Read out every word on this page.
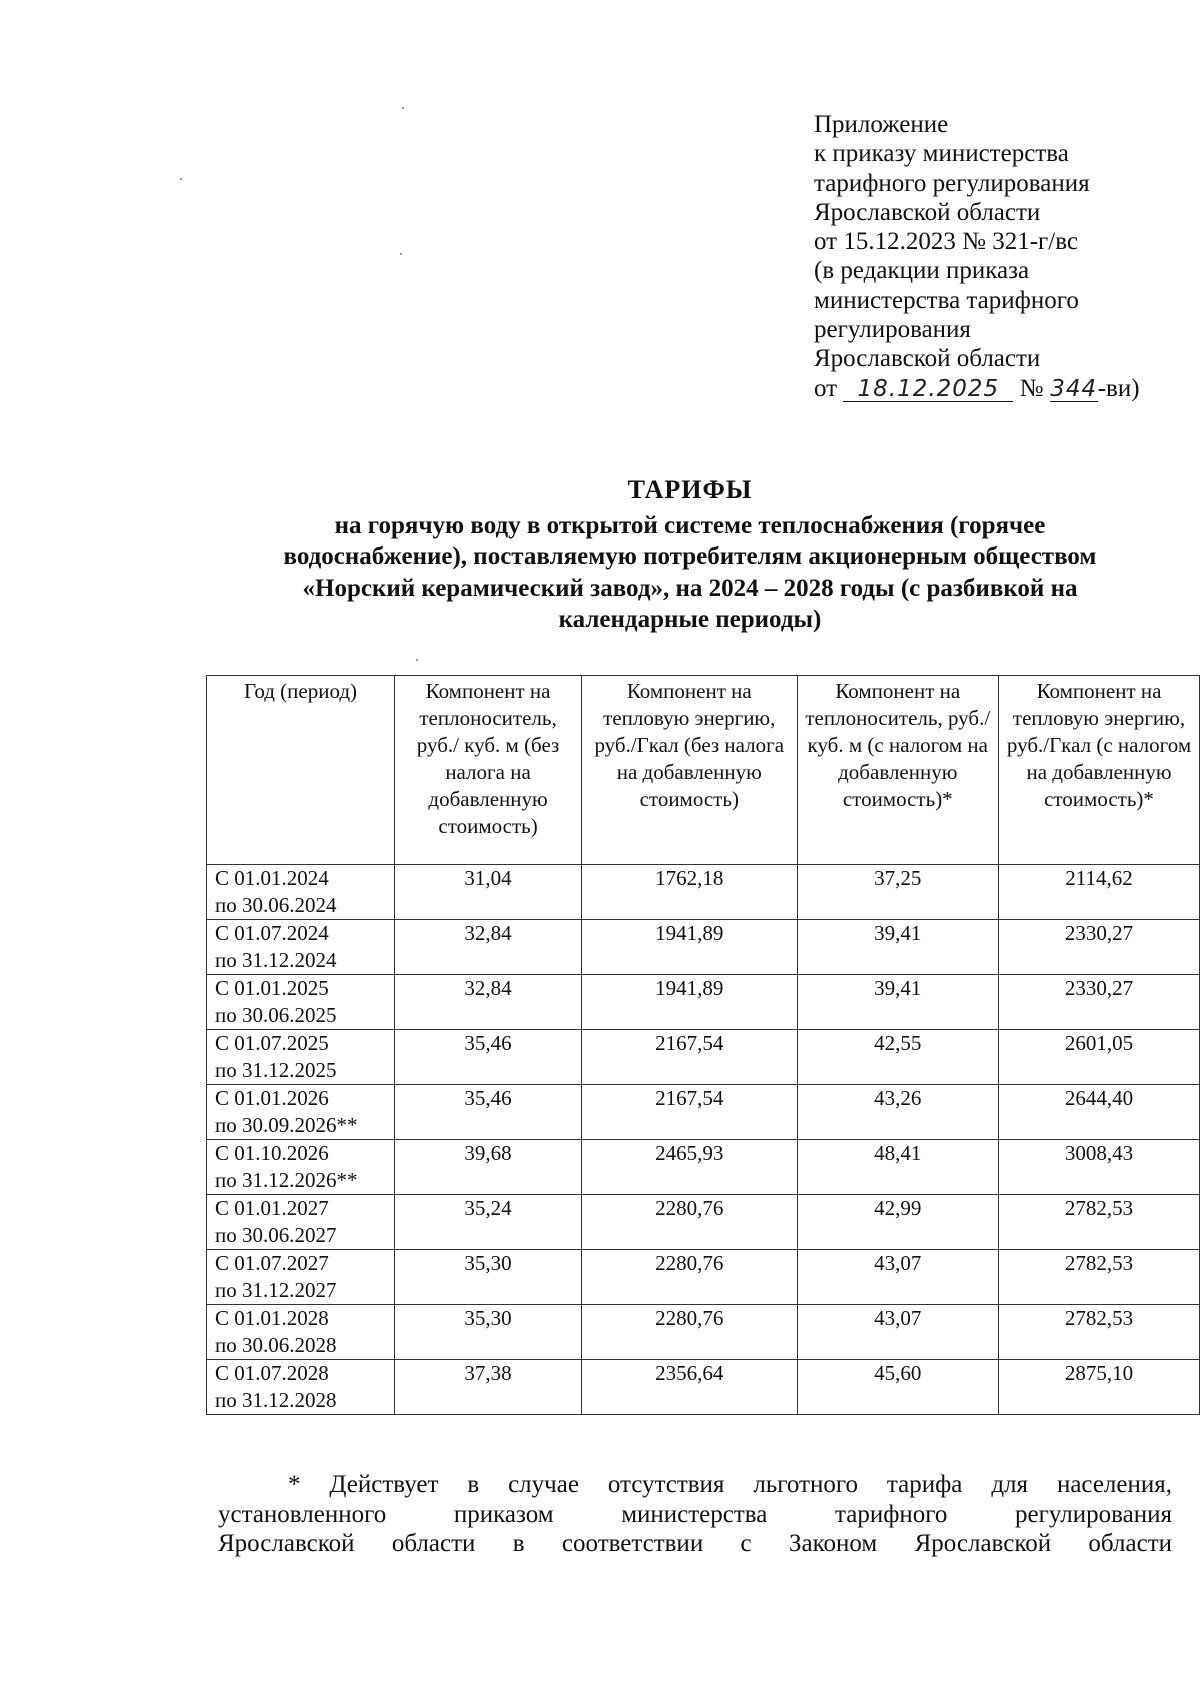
Приложение
к приказу министерства
тарифного регулирования
Ярославской области
от 15.12.2023 № 321-г/вс
(в редакции приказа
министерства тарифного
регулирования
Ярославской области
от 18.12.2025 № 344-ви)
ТАРИФЫ
на горячую воду в открытой системе теплоснабжения (горячее
водоснабжение), поставляемую потребителям акционерным обществом
«Норский керамический завод», на 2024 – 2028 годы (с разбивкой на
календарные периоды)
Год (период)	Компонент на теплоноситель, руб./ куб. м (без налога на добавленную стоимость)	Компонент на тепловую энергию, руб./Гкал (без налога на добавленную стоимость)	Компонент на теплоноситель, руб./ куб. м (с налогом на добавленную стоимость)*	Компонент на тепловую энергию, руб./Гкал (с налогом на добавленную стоимость)*

С 01.01.2024
по 30.06.2024	31,04	1762,18	37,25	2114,62

С 01.07.2024
по 31.12.2024	32,84	1941,89	39,41	2330,27

С 01.01.2025
по 30.06.2025	32,84	1941,89	39,41	2330,27

С 01.07.2025
по 31.12.2025	35,46	2167,54	42,55	2601,05

С 01.01.2026
по 30.09.2026**	35,46	2167,54	43,26	2644,40

С 01.10.2026
по 31.12.2026**	39,68	2465,93	48,41	3008,43

С 01.01.2027
по 30.06.2027	35,24	2280,76	42,99	2782,53

С 01.07.2027
по 31.12.2027	35,30	2280,76	43,07	2782,53

С 01.01.2028
по 30.06.2028	35,30	2280,76	43,07	2782,53

С 01.07.2028
по 31.12.2028	37,38	2356,64	45,60	2875,10
* Действует в случае отсутствия льготного тарифа для населения,
установленного приказом министерства тарифного регулирования
Ярославской области в соответствии с Законом Ярославской области
